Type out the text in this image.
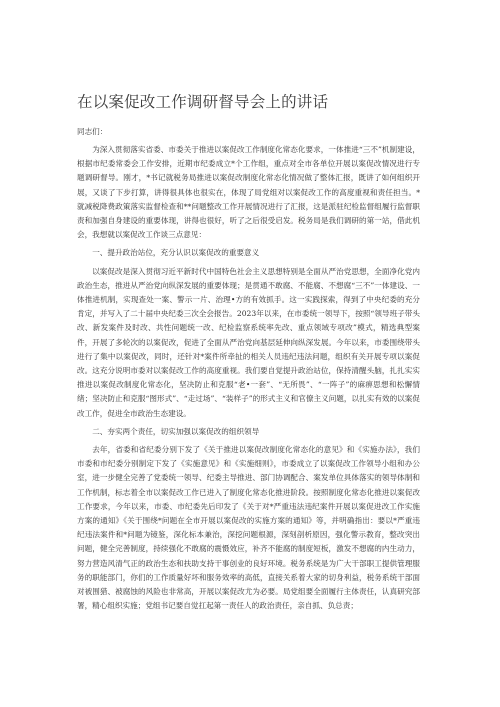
在以案促改工作调研督导会上的讲话

同志们：

为深入贯彻落实省委、市委关于推进以案促改工作制度化常态化要求，一体推进“三不”机制建设，根据市纪委常委会工作安排，近期市纪委成立*个工作组，重点对全市各单位开展以案促改情况进行专题调研督导。刚才，*书记就税务局推进以案促改制度化常态化情况做了整体汇报，既讲了如何组织开展，又谈了下步打算，讲得很具体也很实在，体现了局党组对以案促改工作的高度重视和责任担当。*就减税降费政策落实监督检查和**问题整改工作开展情况进行了汇报，这是派驻纪检监督组履行监督职责和加强自身建设的重要体现，讲得也很好，听了之后很受启发。税务局是我们调研的第一站，借此机会，我想就以案促改工作谈三点意见：

一、提升政治站位，充分认识以案促改的重要意义

以案促改是深入贯彻习近平新时代中国特色社会主义思想特别是全面从严治党思想，全面净化党内政治生态，推进从严治党向纵深发展的重要体现；是贯通不敢腐、不能腐、不想腐“三不”一体建设、一体推进机制，实现查处一案、警示一片、治理•方的有效抓手。这一实践探索，得到了中央纪委的充分肯定，并写入了二十届中央纪委三次全会报告。2023年以来，在市委统一领导下，按照“领导班子带头改、新发案件及时改、共性问题统一改、纪检监察系统率先改、重点领域专项改”模式，精选典型案件，开展了多轮次的以案促改，促进了全面从严治党向基层延伸向纵深发展。今年以来，市委围绕带头进行了集中以案促改，同时，还针对*案件所牵扯的相关人员违纪违法问题，组织有关开展专项以案促改。这充分说明市委对以案促改工作的高度重视。我们要自觉提升政治站位，保持清醒头脑，扎扎实实推进以案促改制度化常态化，坚决防止和克服“老•一套”、“无所畏”、“一阵子”的麻痹思想和松懈情绪；坚决防止和克服“图形式”、“走过场”、“装样子”的形式主义和官僚主义问题，以扎实有效的以案促改工作，促进全市政治生态建设。

二、夯实两个责任，切实加强以案促改的组织领导

去年，省委和省纪委分别下发了《关于推进以案促改制度化常态化的意见》和《实施办法》，我们市委和市纪委分别制定下发了《实施意见》和《实施细则》，市委成立了以案促改工作领导小组和办公室，进一步健全完善了党委统一领导、纪委主导推进、部门协调配合、案发单位具体落实的领导体制和工作机制，标志着全市以案促改工作已进入了制度化常态化推进阶段。按照制度化常态化推进以案促改工作要求，今年以来，市委、市纪委先后印发了《关于对*严重违法违纪案件开展以案促进改工作实施方案的通知》《关于围绕*问题在全市开展以案促改的实施方案的通知》等，并明确指出：要以*严重违纪违法案件和*问题为镜鉴，深化标本兼治，深挖问题根源，深刻剖析原因，强化警示教育，整改突出问题，健全完善制度，持续强化不敢腐的震慑效应，补齐不能腐的制度短板，激发不想腐的内生动力，努力营造风清气正的政治生态和扶助支持干事创业的良好环境。税务系统是为广大干部职工提供管理服务的职能部门，你们的工作质量好坏和服务效率的高低，直接关系着大家的切身利益，税务系统干部面对被围猎、被腐蚀的风险也非常高，开展以案促改尤为必要。局党组要全面履行主体责任，认真研究部署，精心组织实施；党组书记要自觉扛起第一责任人的政治责任，亲自抓、负总责；
